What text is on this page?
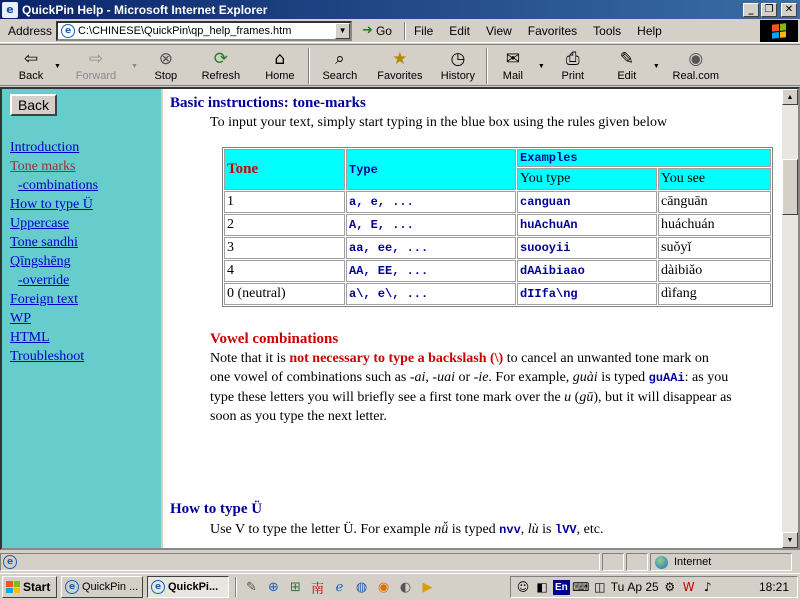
e QuickPin Help - Microsoft Internet Explorer	_	❐	✕
Address	e C:\CHINESE\QuickPin\qp_help_frames.htm	▼ ➜ Go File Edit View Favorites Tools Help
⇦
Back
▼ ⇨
Forward
▼ ⊗
Stop
⟳
Refresh
⌂
Home
⌕
Search
★
Favorites
◷
History
✉
Mail
▼ ⎙
Print
✎
Edit
▼ ◉
Real.com
Back
Introduction
Tone marks
-combinations
How to type Ü
Uppercase
Tone sandhi
Qīngshēng
-override
Foreign text
WP
HTML
Troubleshoot
Basic instructions: tone-marks
To input your text, simply start typing in the blue box using the rules given below
Tone	Type	Examples	
		You type	You see
1	a, e, ...	canguan	cānguān
2	A, E, ...	huAchuAn	huáchuán
3	aa, ee, ...	suooyii	suǒyǐ
4	AA, EE, ...	dAAibiaao	dàibiǎo
0 (neutral)	a\, e\, ...	dIIfa\ng	dìfang
Vowel combinations
Note that it is not necessary to type a backslash (\) to cancel an unwanted tone mark on
one vowel of combinations such as -ai, -uai or -ie. For example, guài is typed guAAi: as you
type these letters you will briefly see a first tone mark over the u (gū), but it will disappear as
soon as you type the next letter.
How to type Ü
Use V to type the letter Ü. For example nǚ is typed nvv, lù is lVV, etc.
▲
▼
e	Internet
Start	e QuickPin ...	e QuickPi... ✎ ⊕ ⊞ 南 ℯ ◍ ◉ ◐ ▶	☺ ◧ En ⌨ ◫ Tu Ap 25 ⚙ W ♪	18:21
